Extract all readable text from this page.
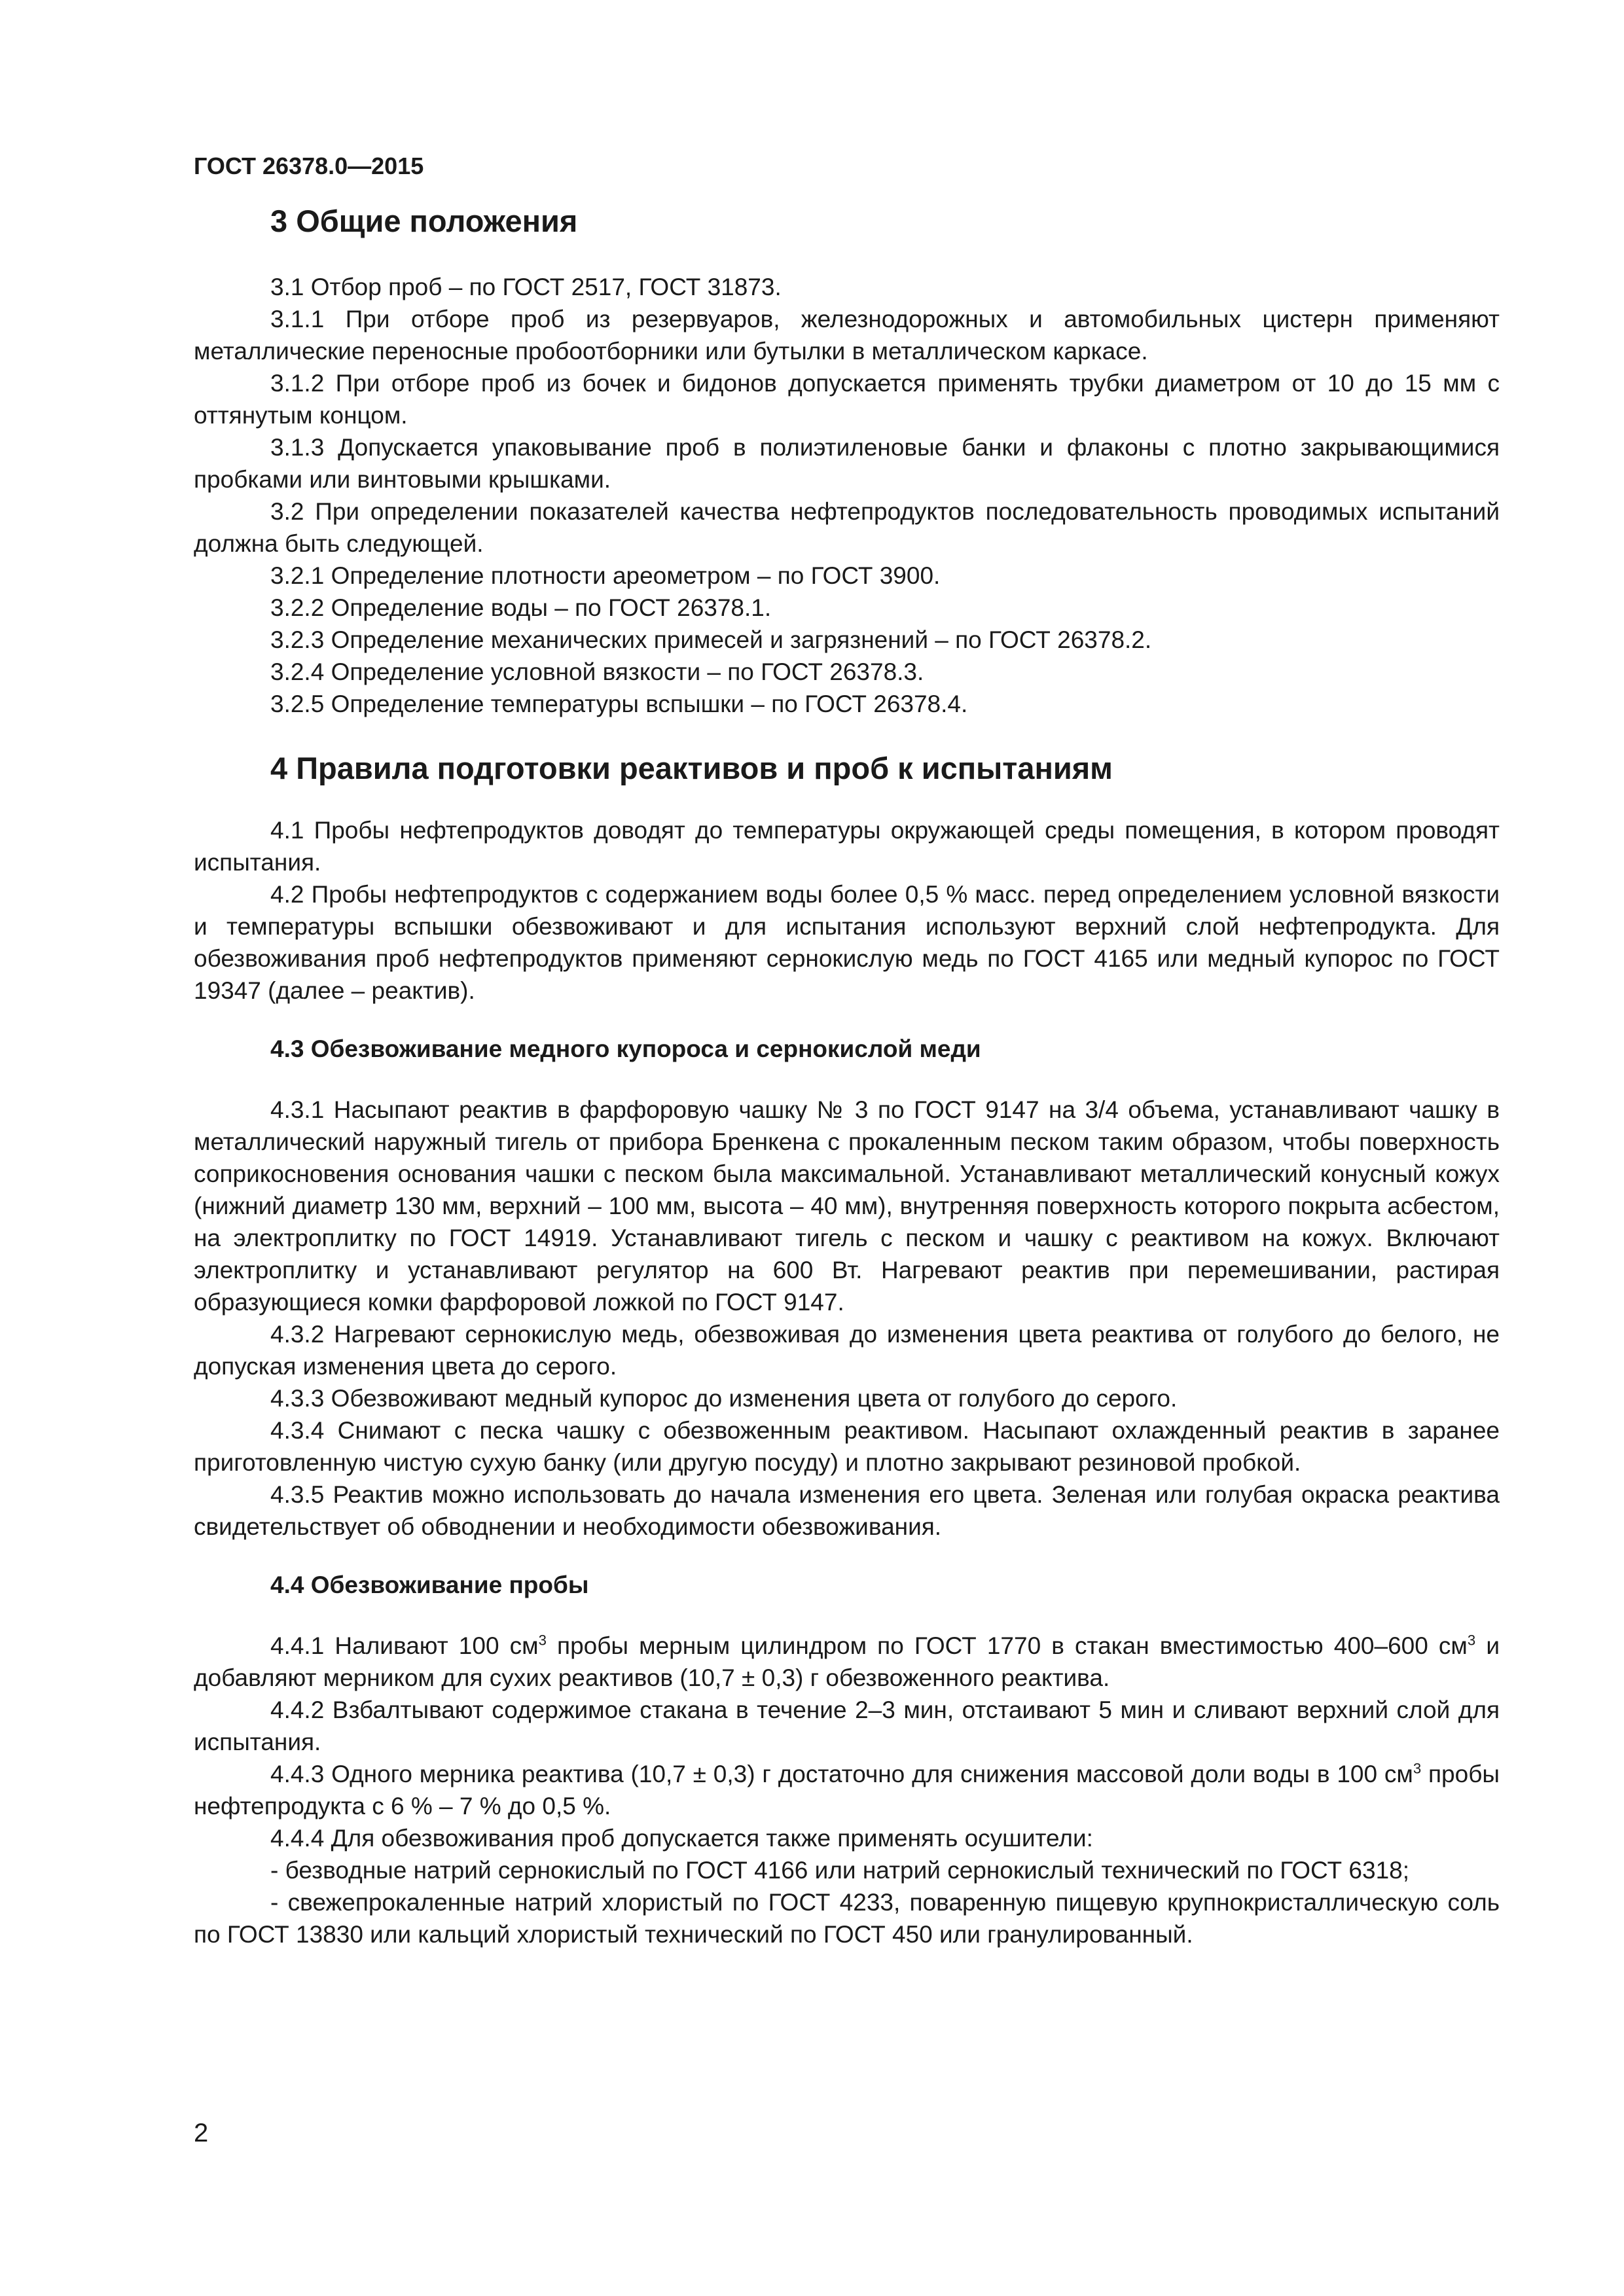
ГОСТ 26378.0—2015
3 Общие положения

3.1 Отбор проб – по ГОСТ 2517, ГОСТ 31873.

3.1.1 При отборе проб из резервуаров, железнодорожных и автомобильных цистерн применяют металлические переносные пробоотборники или бутылки в металлическом каркасе.

3.1.2 При отборе проб из бочек и бидонов допускается применять трубки диаметром от 10 до 15 мм с оттянутым концом.

3.1.3 Допускается упаковывание проб в полиэтиленовые банки и флаконы с плотно закрывающимися пробками или винтовыми крышками.

3.2 При определении показателей качества нефтепродуктов последовательность проводимых испытаний должна быть следующей.

3.2.1 Определение плотности ареометром – по ГОСТ 3900.

3.2.2 Определение воды – по ГОСТ 26378.1.

3.2.3 Определение механических примесей и загрязнений – по ГОСТ 26378.2.

3.2.4 Определение условной вязкости – по ГОСТ 26378.3.

3.2.5 Определение температуры вспышки – по ГОСТ 26378.4.

4 Правила подготовки реактивов и проб к испытаниям

4.1 Пробы нефтепродуктов доводят до температуры окружающей среды помещения, в котором проводят испытания.

4.2 Пробы нефтепродуктов с содержанием воды более 0,5 % масс. перед определением условной вязкости и температуры вспышки обезвоживают и для испытания используют верхний слой нефтепродукта. Для обезвоживания проб нефтепродуктов применяют сернокислую медь по ГОСТ 4165 или медный купорос по ГОСТ 19347 (далее – реактив).

4.3 Обезвоживание медного купороса и сернокислой меди

4.3.1 Насыпают реактив в фарфоровую чашку № 3 по ГОСТ 9147 на 3/4 объема, устанавливают чашку в металлический наружный тигель от прибора Бренкена с прокаленным песком таким образом, чтобы поверхность соприкосновения основания чашки с песком была максимальной. Устанавливают металлический конусный кожух (нижний диаметр 130 мм, верхний – 100 мм, высота – 40 мм), внутренняя поверхность которого покрыта асбестом, на электроплитку по ГОСТ 14919. Устанавливают тигель с песком и чашку с реактивом на кожух. Включают электроплитку и устанавливают регулятор на 600 Вт. Нагревают реактив при перемешивании, растирая образующиеся комки фарфоровой ложкой по ГОСТ 9147.

4.3.2 Нагревают сернокислую медь, обезвоживая до изменения цвета реактива от голубого до белого, не допуская изменения цвета до серого.

4.3.3 Обезвоживают медный купорос до изменения цвета от голубого до серого.

4.3.4 Снимают с песка чашку с обезвоженным реактивом. Насыпают охлажденный реактив в заранее приготовленную чистую сухую банку (или другую посуду) и плотно закрывают резиновой пробкой.

4.3.5 Реактив можно использовать до начала изменения его цвета. Зеленая или голубая окраска реактива свидетельствует об обводнении и необходимости обезвоживания.

4.4 Обезвоживание пробы

4.4.1 Наливают 100 $см^3$ пробы мерным цилиндром по ГОСТ 1770 в стакан вместимостью 400–600 $см^3$ и добавляют мерником для сухих реактивов (10,7 ± 0,3) г обезвоженного реактива.

4.4.2 Взбалтывают содержимое стакана в течение 2–3 мин, отстаивают 5 мин и сливают верхний слой для испытания.

4.4.3 Одного мерника реактива (10,7 ± 0,3) г достаточно для снижения массовой доли воды в 100 $см^3$ пробы нефтепродукта с 6 % – 7 % до 0,5 %.

4.4.4 Для обезвоживания проб допускается также применять осушители:

- безводные натрий сернокислый по ГОСТ 4166 или натрий сернокислый технический по ГОСТ 6318;

- свежепрокаленные натрий хлористый по ГОСТ 4233, поваренную пищевую крупнокристаллическую соль по ГОСТ 13830 или кальций хлористый технический по ГОСТ 450 или гранулированный.

2
